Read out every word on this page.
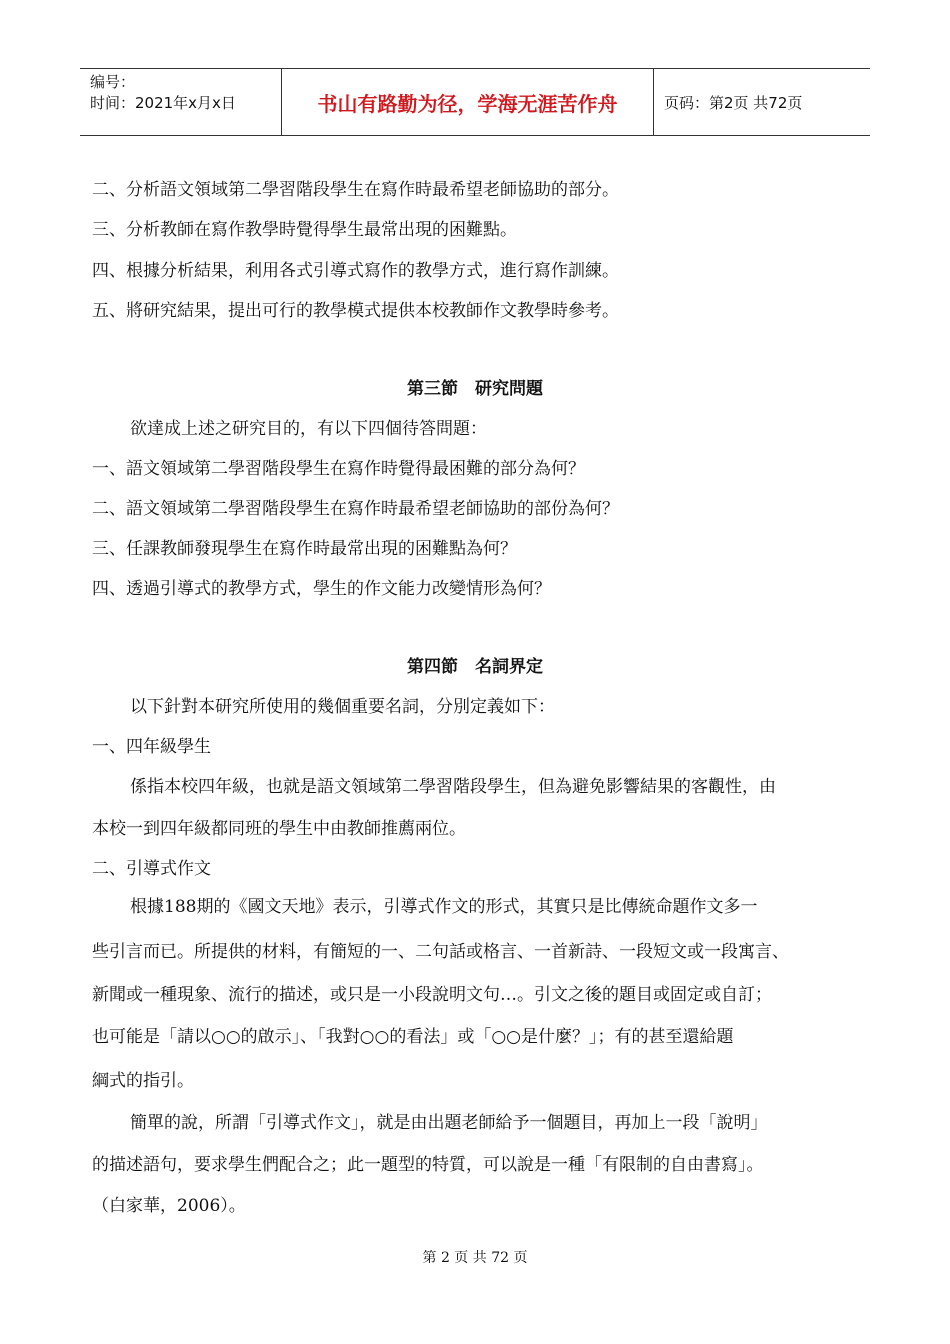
编号：
时间：2021年x月x日	书山有路勤为径，学海无涯苦作舟	页码：第2页 共72页
二、分析語文領域第二學習階段學生在寫作時最希望老師協助的部分。
三、分析教師在寫作教學時覺得學生最常出現的困難點。
四、根據分析結果，利用各式引導式寫作的教學方式，進行寫作訓練。
五、將研究結果，提出可行的教學模式提供本校教師作文教學時參考。
第三節　研究問題
欲達成上述之研究目的，有以下四個待答問題：
一、語文領域第二學習階段學生在寫作時覺得最困難的部分為何？
二、語文領域第二學習階段學生在寫作時最希望老師協助的部份為何？
三、任課教師發現學生在寫作時最常出現的困難點為何？
四、透過引導式的教學方式，學生的作文能力改變情形為何？
第四節　名詞界定
以下針對本研究所使用的幾個重要名詞，分別定義如下：
一、四年級學生
係指本校四年級，也就是語文領域第二學習階段學生，但為避免影響結果的客觀性，由
本校一到四年級都同班的學生中由教師推薦兩位。
二、引導式作文
根據188期的《國文天地》表示，引導式作文的形式，其實只是比傳統命題作文多一
些引言而已。所提供的材料，有簡短的一、二句話或格言、一首新詩、一段短文或一段寓言、
新聞或一種現象、流行的描述，或只是一小段說明文句…。引文之後的題目或固定或自訂；
也可能是「請以○○的啟示」、「我對○○的看法」或「○○是什麼？」；有的甚至還給題
綱式的指引。
簡單的說，所謂「引導式作文」，就是由出題老師給予一個題目，再加上一段「說明」
的描述語句，要求學生們配合之；此一題型的特質，可以說是一種「有限制的自由書寫」。
（白家華，2006）。
第 2 页 共 72 页
